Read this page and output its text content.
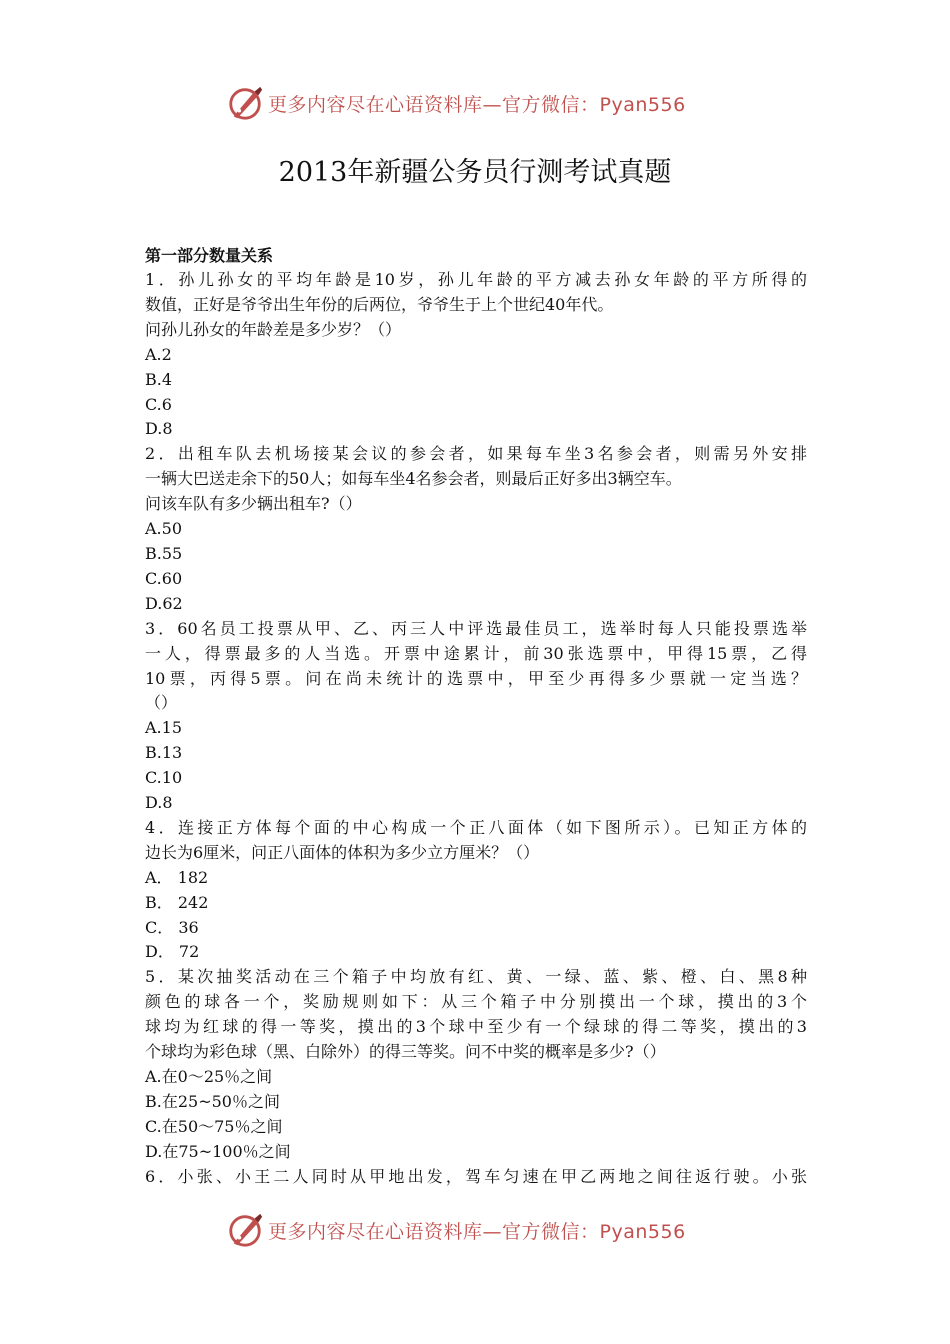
更多内容尽在心语资料库—官方微信：Pyan556
2013年新疆公务员行测考试真题

第一部分数量关系

1．孙儿孙女的平均年龄是10岁，孙儿年龄的平方减去孙女年龄的平方所得的

数值，正好是爷爷出生年份的后两位，爷爷生于上个世纪40年代。

问孙儿孙女的年龄差是多少岁？（）

A.2

B.4

C.6

D.8

2．出租车队去机场接某会议的参会者，如果每车坐3名参会者，则需另外安排

一辆大巴送走余下的50人；如每车坐4名参会者，则最后正好多出3辆空车。

问该车队有多少辆出租车?（）

A.50

B.55

C.60

D.62

3．60名员工投票从甲、乙、丙三人中评选最佳员工，选举时每人只能投票选举

一人，得票最多的人当选。开票中途累计，前30张选票中，甲得15票，乙得

10票，丙得5票。问在尚未统计的选票中，甲至少再得多少票就一定当选？

（）

A.15

B.13

C.10

D.8

4．连接正方体每个面的中心构成一个正八面体（如下图所示）。已知正方体的

边长为6厘米，问正八面体的体积为多少立方厘米？（）

A． 182

B． 242

C． 36

D． 72

5．某次抽奖活动在三个箱子中均放有红、黄、一绿、蓝、紫、橙、白、黑8种

颜色的球各一个，奖励规则如下：从三个箱子中分别摸出一个球，摸出的3个

球均为红球的得一等奖，摸出的3个球中至少有一个绿球的得二等奖，摸出的3

个球均为彩色球（黑、白除外）的得三等奖。问不中奖的概率是多少?（）

A.在0～25％之间

B.在25~50％之间

C.在50～75％之间

D.在75~100％之间

6．小张、小王二人同时从甲地出发，驾车匀速在甲乙两地之间往返行驶。小张

更多内容尽在心语资料库—官方微信：Pyan556
